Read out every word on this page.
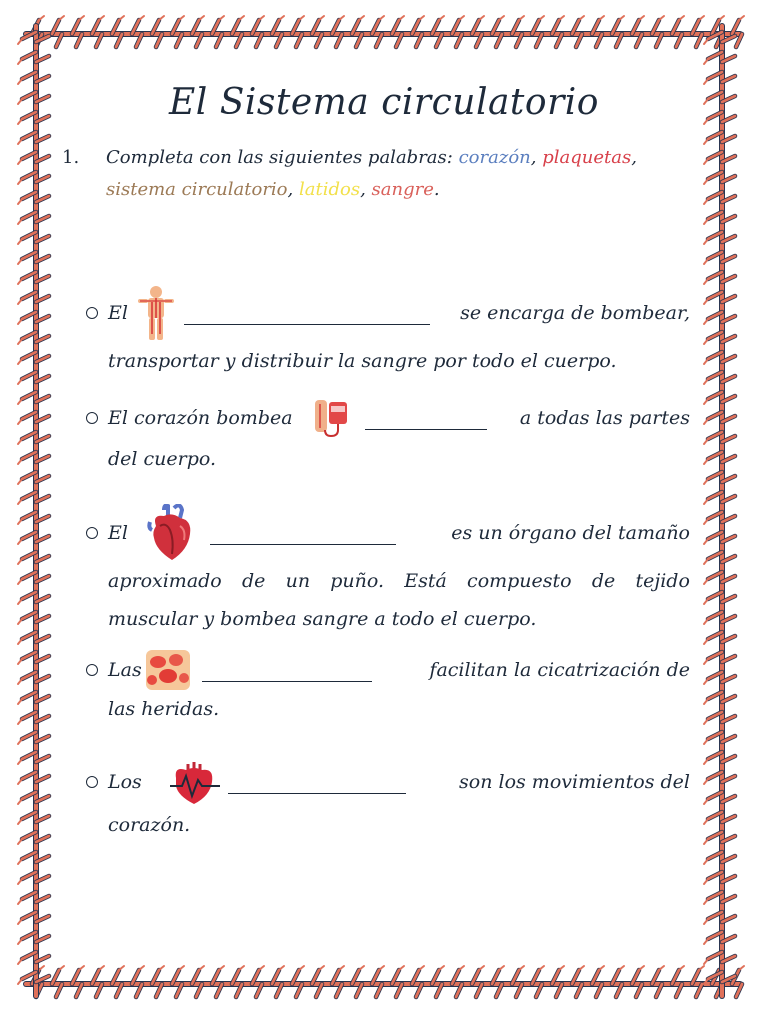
El Sistema circulatorio
1. Completa con las siguientes palabras: corazón, plaquetas,
sistema circulatorio, latidos, sangre.
El	se encarga de bombear,
transportar y distribuir la sangre por todo el cuerpo.
El corazón bombea	a todas las partes
del cuerpo.
El	es un órgano del tamaño
aproximado de un puño. Está compuesto de tejido
muscular y bombea sangre a todo el cuerpo.
Las	facilitan la cicatrización de
las heridas.
Los	son los movimientos del
corazón.
